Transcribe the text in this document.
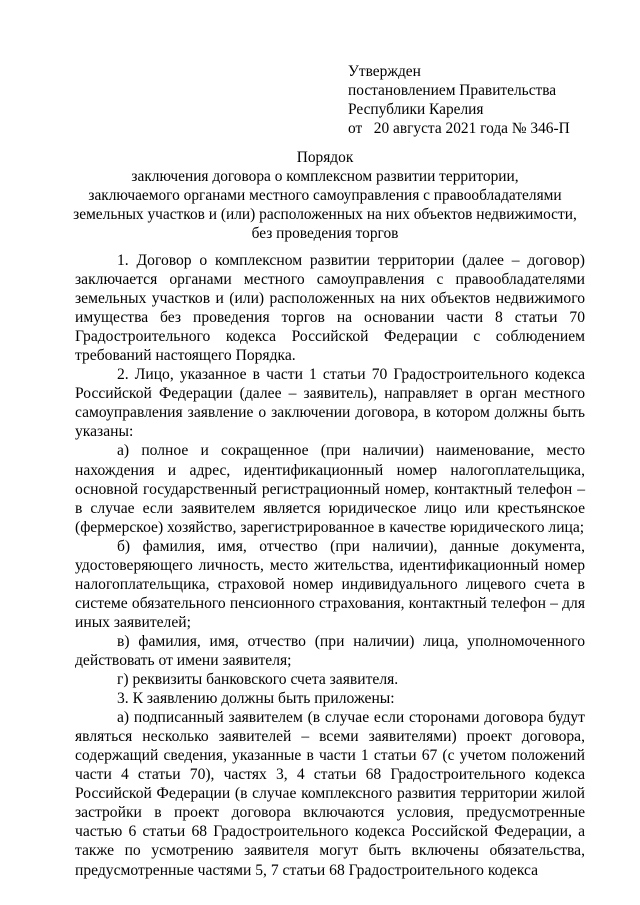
Утвержден
постановлением Правительства
Республики Карелия
от   20 августа 2021 года № 346-П
Порядок
заключения договора о комплексном развитии территории,
заключаемого органами местного самоуправления с правообладателями
земельных участков и (или) расположенных на них объектов недвижимости,
без проведения торгов

1. Договор о комплексном развитии территории (далее – договор) заключается органами местного самоуправления с правообладателями земельных участков и (или) расположенных на них объектов недвижимого имущества без проведения торгов на основании части 8 статьи 70 Градостроительного кодекса Российской Федерации с соблюдением требований настоящего Порядка.

2. Лицо, указанное в части 1 статьи 70 Градостроительного кодекса Российской Федерации (далее – заявитель), направляет в орган местного самоуправления заявление о заключении договора, в котором должны быть указаны:

а) полное и сокращенное (при наличии) наименование, место нахождения и адрес, идентификационный номер налогоплательщика, основной государственный регистрационный номер, контактный телефон – в случае если заявителем является юридическое лицо или крестьянское (фермерское) хозяйство, зарегистрированное в качестве юридического лица;

б) фамилия, имя, отчество (при наличии), данные документа, удостоверяющего личность, место жительства, идентификационный номер налогоплательщика, страховой номер индивидуального лицевого счета в системе обязательного пенсионного страхования, контактный телефон – для иных заявителей;

в) фамилия, имя, отчество (при наличии) лица, уполномоченного действовать от имени заявителя;

г) реквизиты банковского счета заявителя.

3. К заявлению должны быть приложены:

а) подписанный заявителем (в случае если сторонами договора будут являться несколько заявителей – всеми заявителями) проект договора, содержащий сведения, указанные в части 1 статьи 67 (с учетом положений части 4 статьи 70), частях 3, 4 статьи 68 Градостроительного кодекса Российской Федерации (в случае комплексного развития территории жилой застройки в проект договора включаются условия, предусмотренные частью 6 статьи 68 Градостроительного кодекса Российской Федерации, а также по усмотрению заявителя могут быть включены обязательства, предусмотренные частями 5, 7 статьи 68 Градостроительного кодекса
